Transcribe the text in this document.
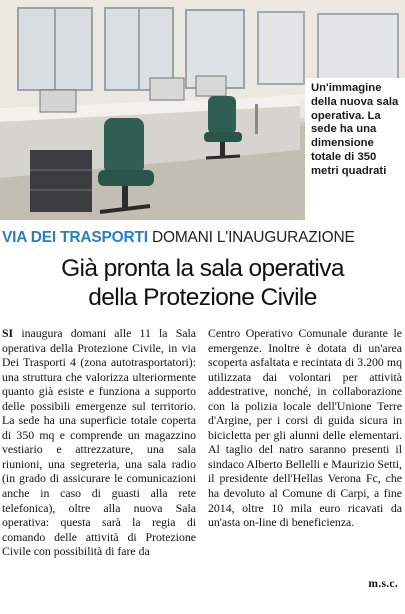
Un'immagine della nuova sala operativa. La sede ha una dimensione totale di 350 metri quadrati
VIA DEI TRASPORTI DOMANI L'INAUGURAZIONE
Già pronta la sala operativa
della Protezione Civile
SI inaugura domani alle 11 la Sala operativa della Protezione Civile, in via Dei Trasporti 4 (zona autotrasportatori): una struttura che valorizza ulteriormente quanto già esiste e funziona a supporto delle possibili emergenze sul territorio. La sede ha una superficie totale coperta di 350 mq e comprende un magazzino vestiario e attrezzature, una sala riunioni, una segreteria, una sala radio (in grado di assicurare le comunicazioni anche in caso di guasti alla rete telefonica), oltre alla nuova Sala operativa: questa sarà la regia di comando delle attività di Protezione Civile con possibilità di fare da
Centro Operativo Comunale durante le emergenze. Inoltre è dotata di un'area scoperta asfaltata e recintata di 3.200 mq utilizzata dai volontari per attività addestrative, nonché, in collaborazione con la polizia locale dell'Unione Terre d'Argine, per i corsi di guida sicura in bicicletta per gli alunni delle elementari. Al taglio del natro saranno presenti il sindaco Alberto Bellelli e Maurizio Setti, il presidente dell'Hellas Verona Fc, che ha devoluto al Comune di Carpi, a fine 2014, oltre 10 mila euro ricavati da un'asta on-line di beneficienza.
m.s.c.
